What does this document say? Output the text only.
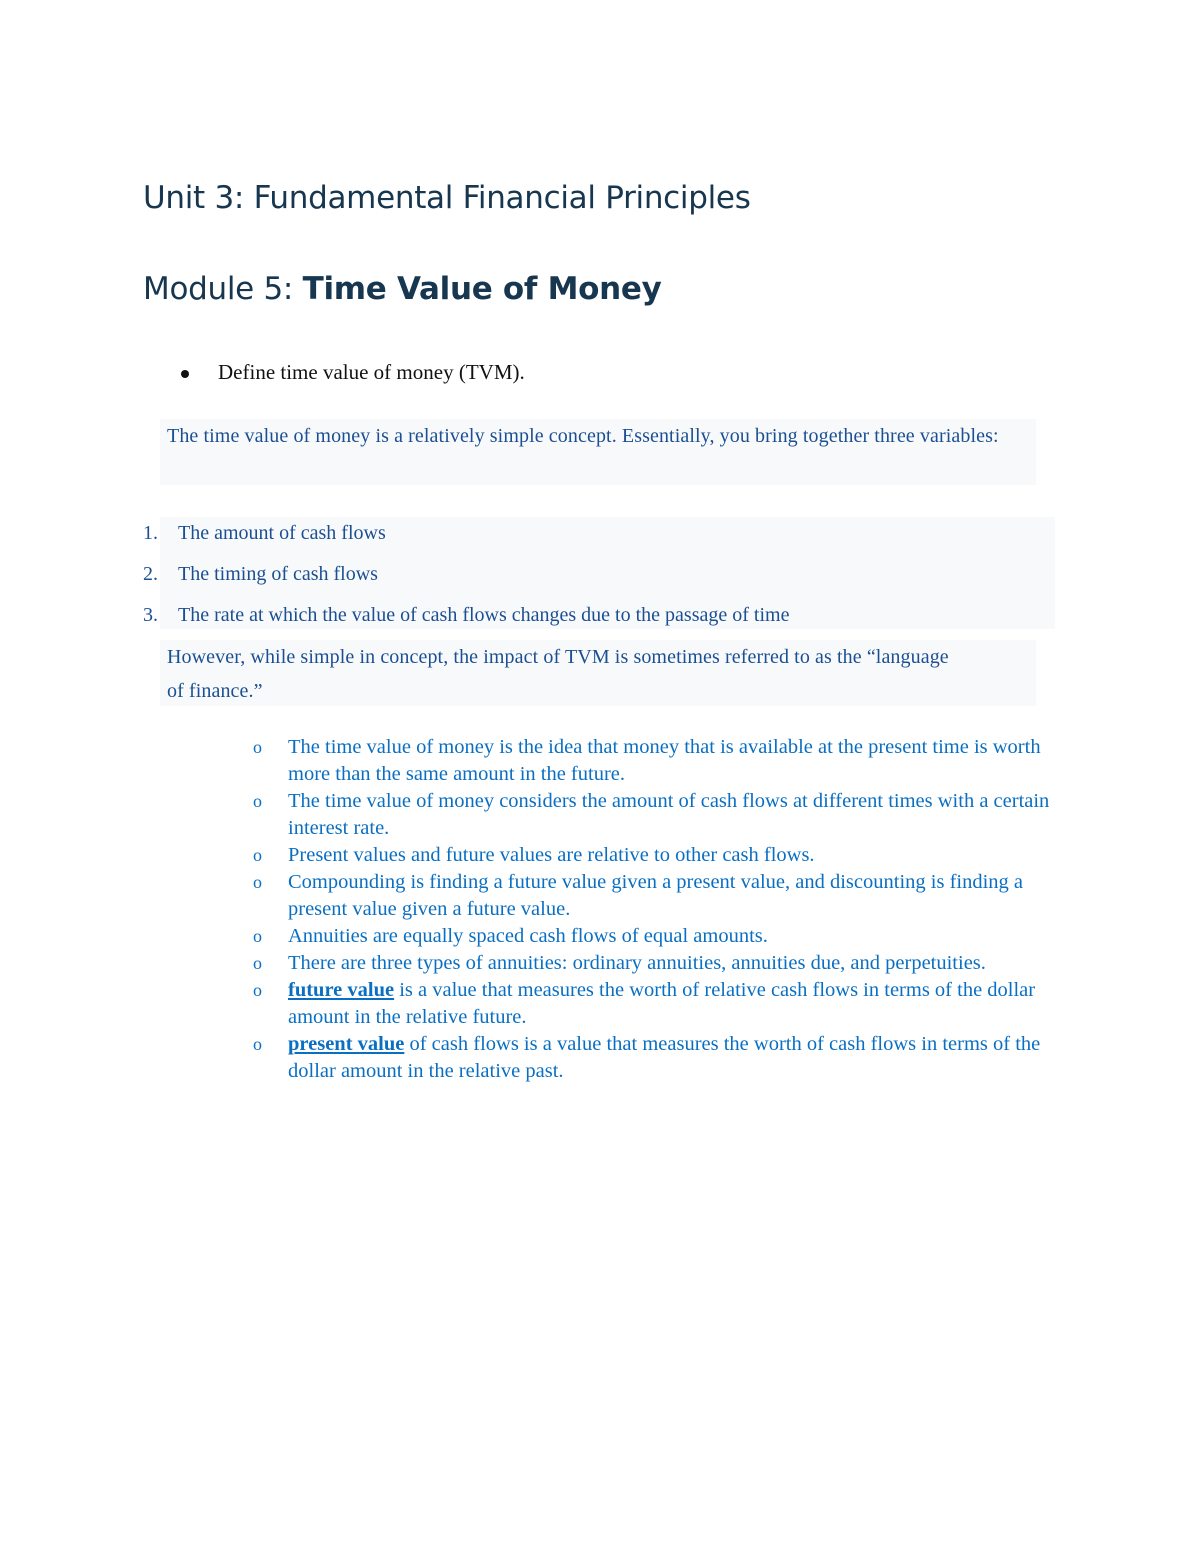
Unit 3: Fundamental Financial Principles
Module 5: Time Value of Money
Define time value of money (TVM).
The time value of money is a relatively simple concept. Essentially, you bring together three variables:
1. The amount of cash flows
2. The timing of cash flows
3. The rate at which the value of cash flows changes due to the passage of time
However, while simple in concept, the impact of TVM is sometimes referred to as the “language of finance.”
o The time value of money is the idea that money that is available at the present time is worth more than the same amount in the future.
o The time value of money considers the amount of cash flows at different times with a certain interest rate.
o Present values and future values are relative to other cash flows.
o Compounding is finding a future value given a present value, and discounting is finding a present value given a future value.
o Annuities are equally spaced cash flows of equal amounts.
o There are three types of annuities: ordinary annuities, annuities due, and perpetuities.
o future value is a value that measures the worth of relative cash flows in terms of the dollar amount in the relative future.
o present value of cash flows is a value that measures the worth of cash flows in terms of the dollar amount in the relative past.
